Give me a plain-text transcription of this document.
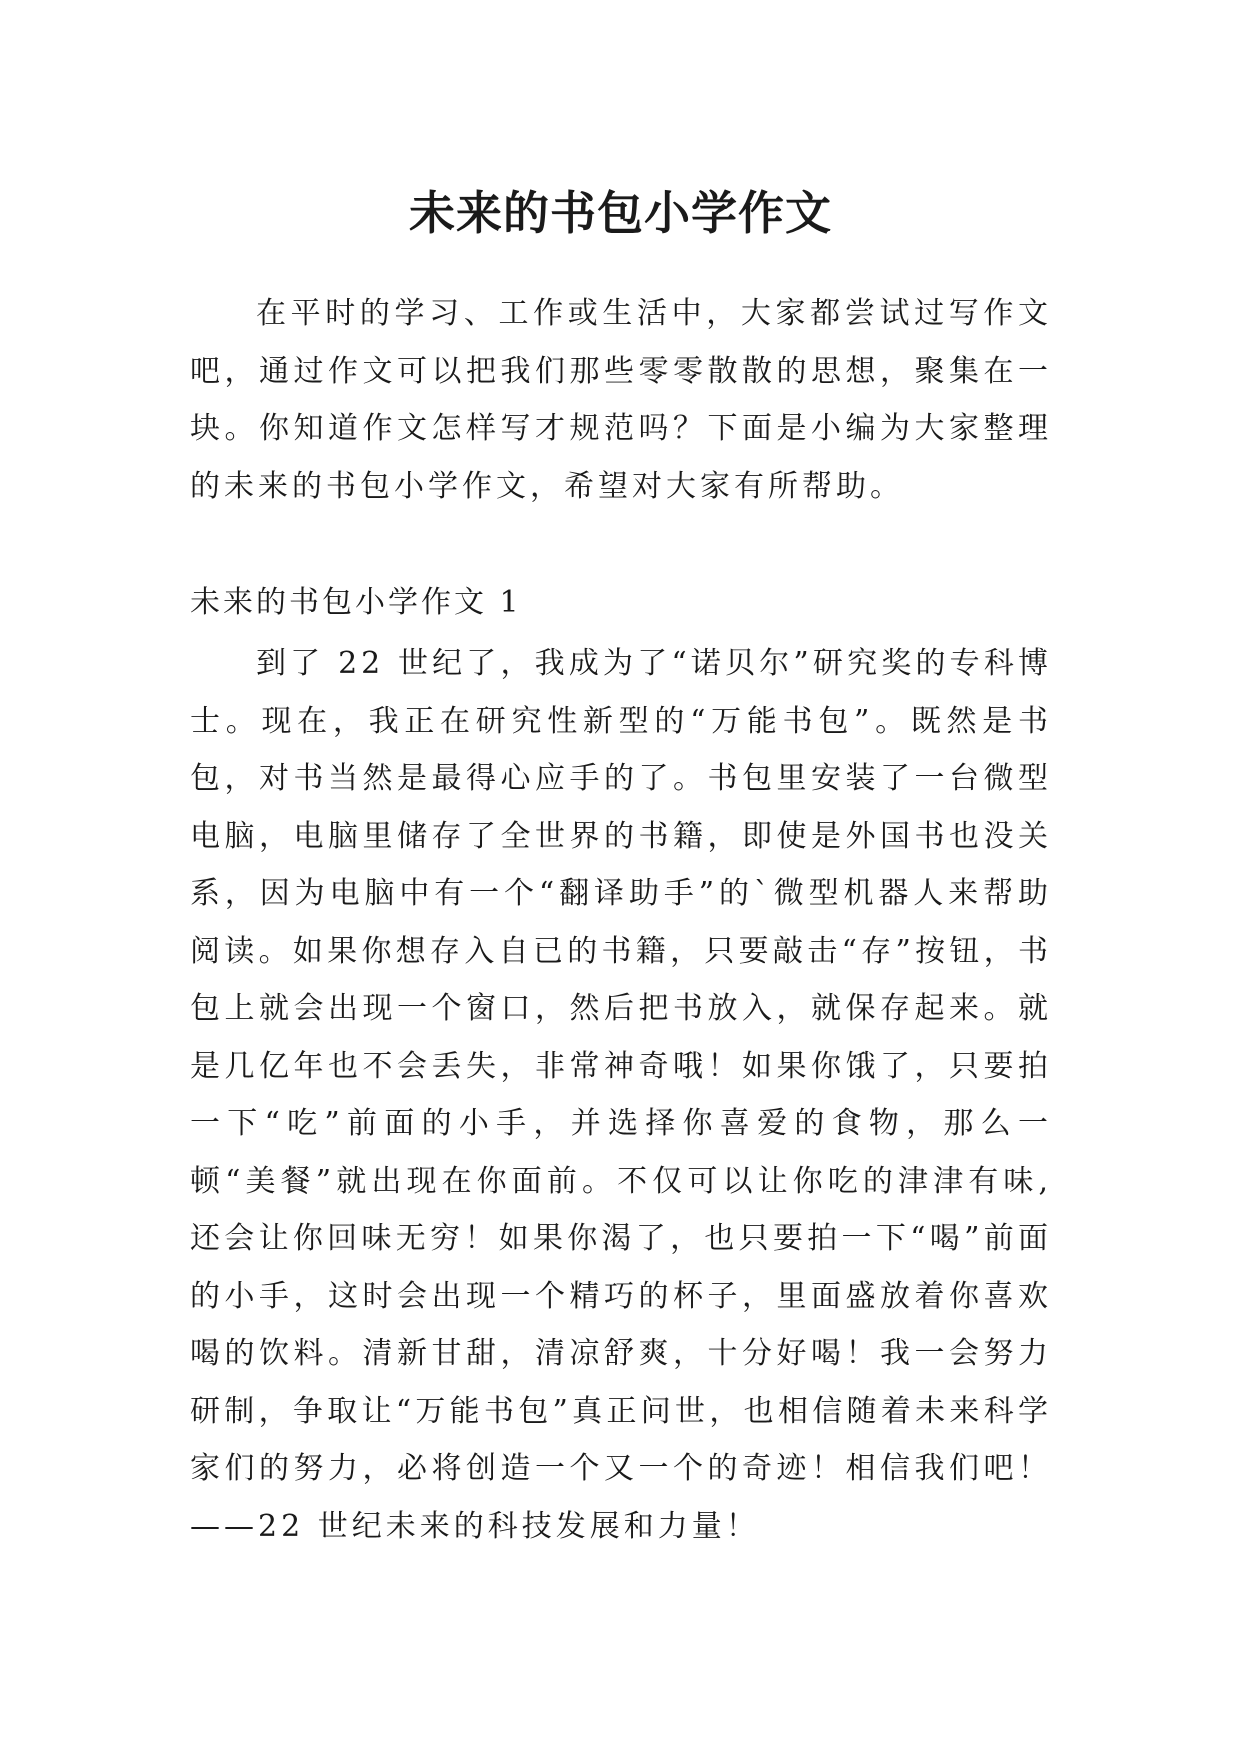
未来的书包小学作文

在平时的学习、工作或生活中，大家都尝试过写作文吧，通过作文可以把我们那些零零散散的思想，聚集在一块。你知道作文怎样写才规范吗？下面是小编为大家整理的未来的书包小学作文，希望对大家有所帮助。

未来的书包小学作文 1

到了 22 世纪了，我成为了“诺贝尔”研究奖的专科博士。现在，我正在研究性新型的“万能书包”。既然是书包，对书当然是最得心应手的了。书包里安装了一台微型电脑，电脑里储存了全世界的书籍，即使是外国书也没关系，因为电脑中有一个“翻译助手”的`微型机器人来帮助阅读。如果你想存入自已的书籍，只要敲击“存”按钮，书包上就会出现一个窗口，然后把书放入，就保存起来。就是几亿年也不会丢失，非常神奇哦！如果你饿了，只要拍一下“吃”前面的小手，并选择你喜爱的食物，那么一顿“美餐”就出现在你面前。不仅可以让你吃的津津有味,还会让你回味无穷！如果你渴了，也只要拍一下“喝”前面的小手，这时会出现一个精巧的杯子，里面盛放着你喜欢喝的饮料。清新甘甜，清凉舒爽，十分好喝！我一会努力研制，争取让“万能书包”真正问世，也相信随着未来科学家们的努力，必将创造一个又一个的奇迹！相信我们吧！——22 世纪未来的科技发展和力量！
